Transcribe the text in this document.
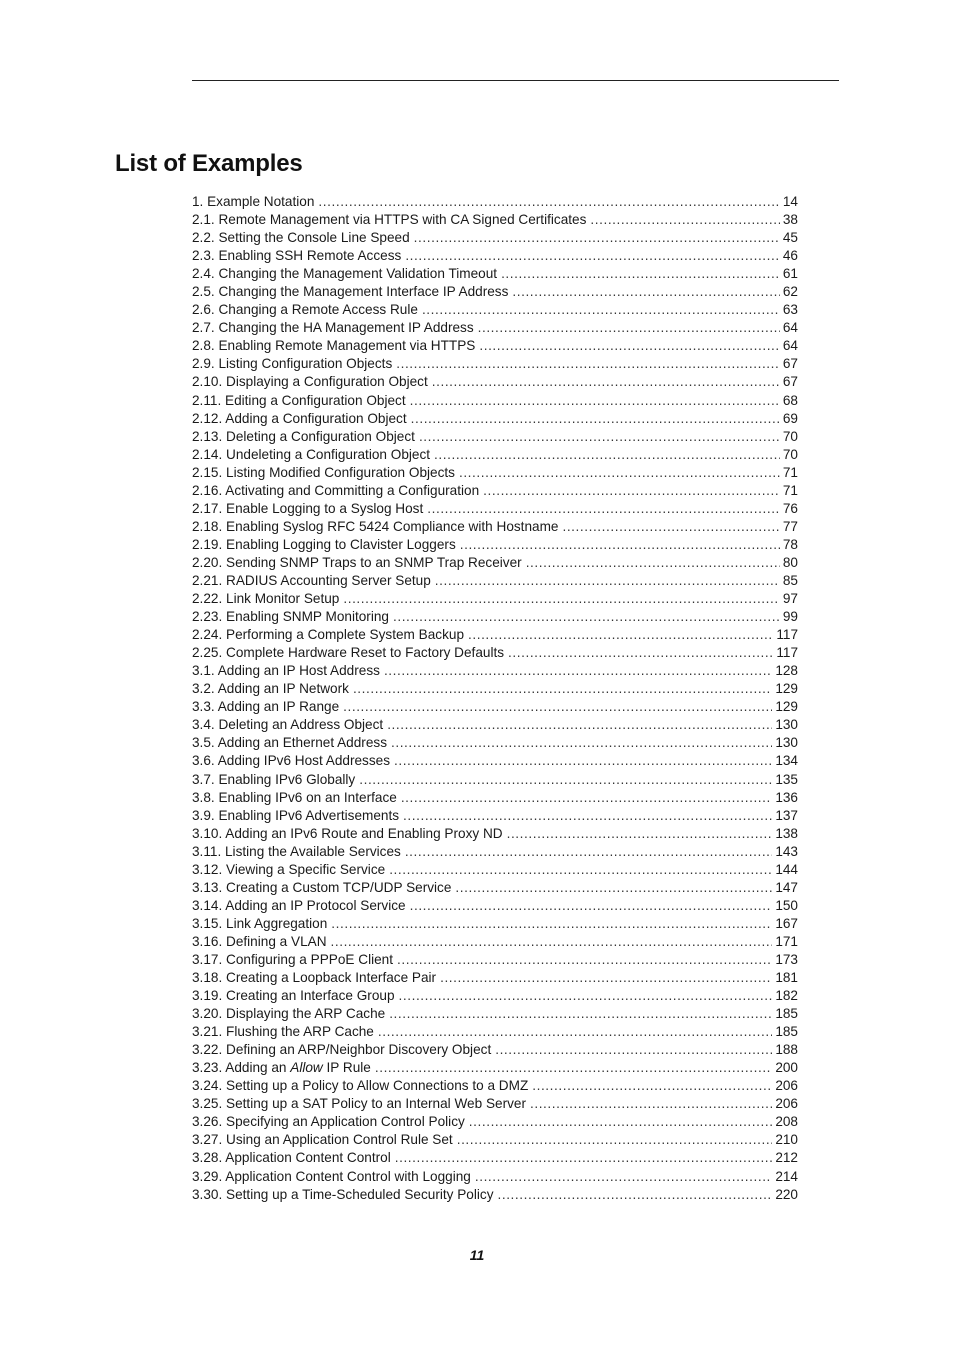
List of Examples
1. Example Notation . . .	14
2.1. Remote Management via HTTPS with CA Signed Certificates . . .	38
2.2. Setting the Console Line Speed . . .	45
2.3. Enabling SSH Remote Access . . .	46
2.4. Changing the Management Validation Timeout . . .	61
2.5. Changing the Management Interface IP Address . . .	62
2.6. Changing a Remote Access Rule . . .	63
2.7. Changing the HA Management IP Address . . .	64
2.8. Enabling Remote Management via HTTPS . . .	64
2.9. Listing Configuration Objects . . .	67
2.10. Displaying a Configuration Object . . .	67
2.11. Editing a Configuration Object . . .	68
2.12. Adding a Configuration Object . . .	69
2.13. Deleting a Configuration Object . . .	70
2.14. Undeleting a Configuration Object . . .	70
2.15. Listing Modified Configuration Objects . . .	71
2.16. Activating and Committing a Configuration . . .	71
2.17. Enable Logging to a Syslog Host . . .	76
2.18. Enabling Syslog RFC 5424 Compliance with Hostname . . .	77
2.19. Enabling Logging to Clavister Loggers . . .	78
2.20. Sending SNMP Traps to an SNMP Trap Receiver . . .	80
2.21. RADIUS Accounting Server Setup . . .	85
2.22. Link Monitor Setup . . .	97
2.23. Enabling SNMP Monitoring . . .	99
2.24. Performing a Complete System Backup . . .	117
2.25. Complete Hardware Reset to Factory Defaults . . .	117
3.1. Adding an IP Host Address . . .	128
3.2. Adding an IP Network . . .	129
3.3. Adding an IP Range . . .	129
3.4. Deleting an Address Object . . .	130
3.5. Adding an Ethernet Address . . .	130
3.6. Adding IPv6 Host Addresses . . .	134
3.7. Enabling IPv6 Globally . . .	135
3.8. Enabling IPv6 on an Interface . . .	136
3.9. Enabling IPv6 Advertisements . . .	137
3.10. Adding an IPv6 Route and Enabling Proxy ND . . .	138
3.11. Listing the Available Services . . .	143
3.12. Viewing a Specific Service . . .	144
3.13. Creating a Custom TCP/UDP Service . . .	147
3.14. Adding an IP Protocol Service . . .	150
3.15. Link Aggregation . . .	167
3.16. Defining a VLAN . . .	171
3.17. Configuring a PPPoE Client . . .	173
3.18. Creating a Loopback Interface Pair . . .	181
3.19. Creating an Interface Group . . .	182
3.20. Displaying the ARP Cache . . .	185
3.21. Flushing the ARP Cache . . .	185
3.22. Defining an ARP/Neighbor Discovery Object . . .	188
3.23. Adding an Allow IP Rule . . .	200
3.24. Setting up a Policy to Allow Connections to a DMZ . . .	206
3.25. Setting up a SAT Policy to an Internal Web Server . . .	206
3.26. Specifying an Application Control Policy . . .	208
3.27. Using an Application Control Rule Set . . .	210
3.28. Application Content Control . . .	212
3.29. Application Content Control with Logging . . .	214
3.30. Setting up a Time-Scheduled Security Policy . . .	220
11
